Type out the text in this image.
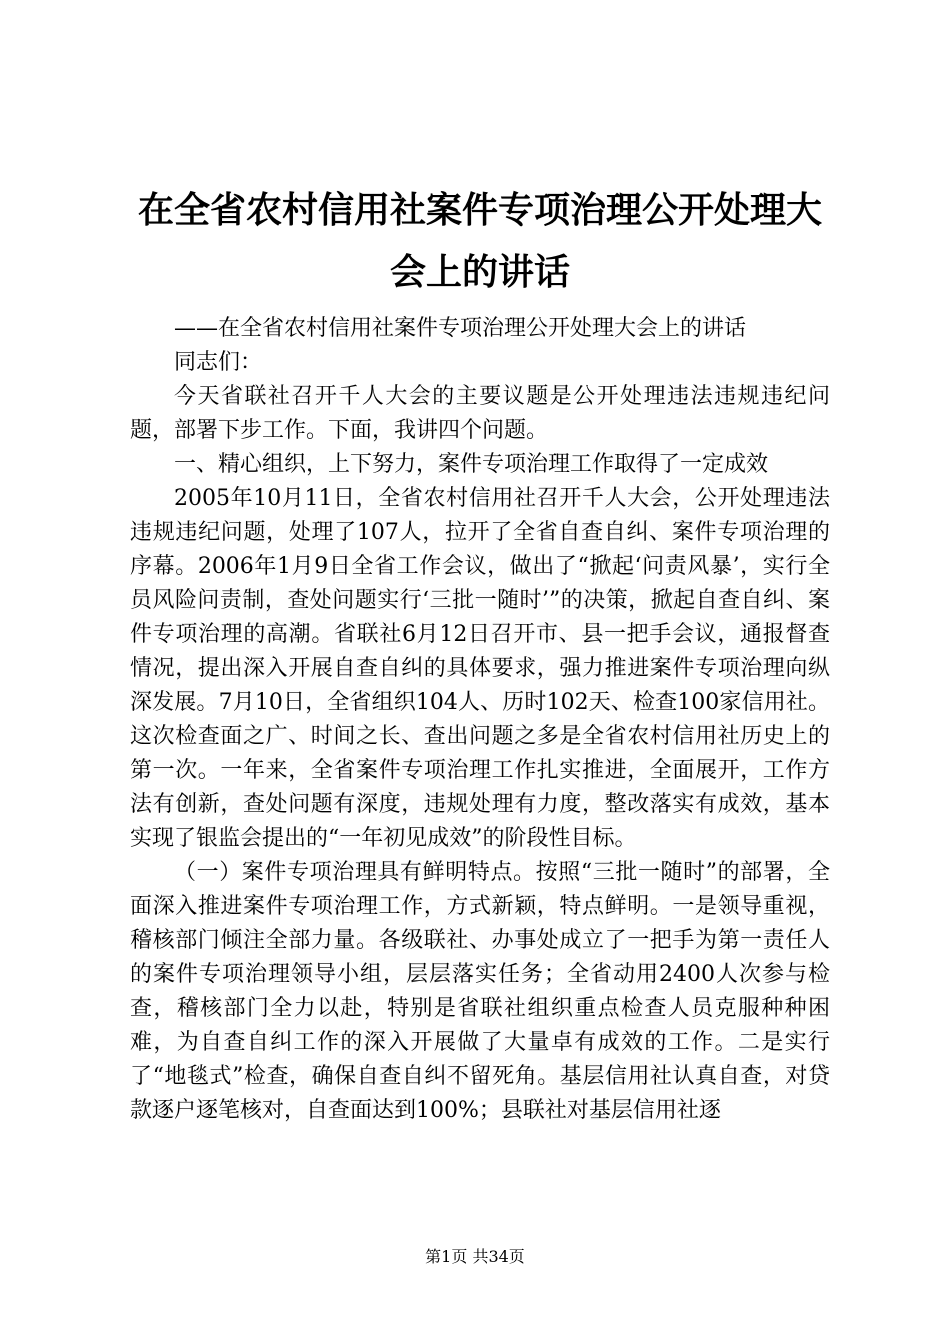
在全省农村信用社案件专项治理公开处理大会上的讲话

——在全省农村信用社案件专项治理公开处理大会上的讲话

同志们：

今天省联社召开千人大会的主要议题是公开处理违法违规违纪问题，部署下步工作。下面，我讲四个问题。

一、精心组织，上下努力，案件专项治理工作取得了一定成效

2005年10月11日，全省农村信用社召开千人大会，公开处理违法违规违纪问题，处理了107人，拉开了全省自查自纠、案件专项治理的序幕。2006年1月9日全省工作会议，做出了“掀起‘问责风暴’，实行全员风险问责制，查处问题实行‘三批一随时’”的决策，掀起自查自纠、案件专项治理的高潮。省联社6月12日召开市、县一把手会议，通报督查情况，提出深入开展自查自纠的具体要求，强力推进案件专项治理向纵深发展。7月10日，全省组织104人、历时102天、检查100家信用社。这次检查面之广、时间之长、查出问题之多是全省农村信用社历史上的第一次。一年来，全省案件专项治理工作扎实推进，全面展开，工作方法有创新，查处问题有深度，违规处理有力度，整改落实有成效，基本实现了银监会提出的“一年初见成效”的阶段性目标。

（一）案件专项治理具有鲜明特点。按照“三批一随时”的部署，全面深入推进案件专项治理工作，方式新颖，特点鲜明。一是领导重视，稽核部门倾注全部力量。各级联社、办事处成立了一把手为第一责任人的案件专项治理领导小组，层层落实任务；全省动用2400人次参与检查，稽核部门全力以赴，特别是省联社组织重点检查人员克服种种困难，为自查自纠工作的深入开展做了大量卓有成效的工作。二是实行了“地毯式”检查，确保自查自纠不留死角。基层信用社认真自查，对贷款逐户逐笔核对，自查面达到100%；县联社对基层信用社逐

第1页 共34页
